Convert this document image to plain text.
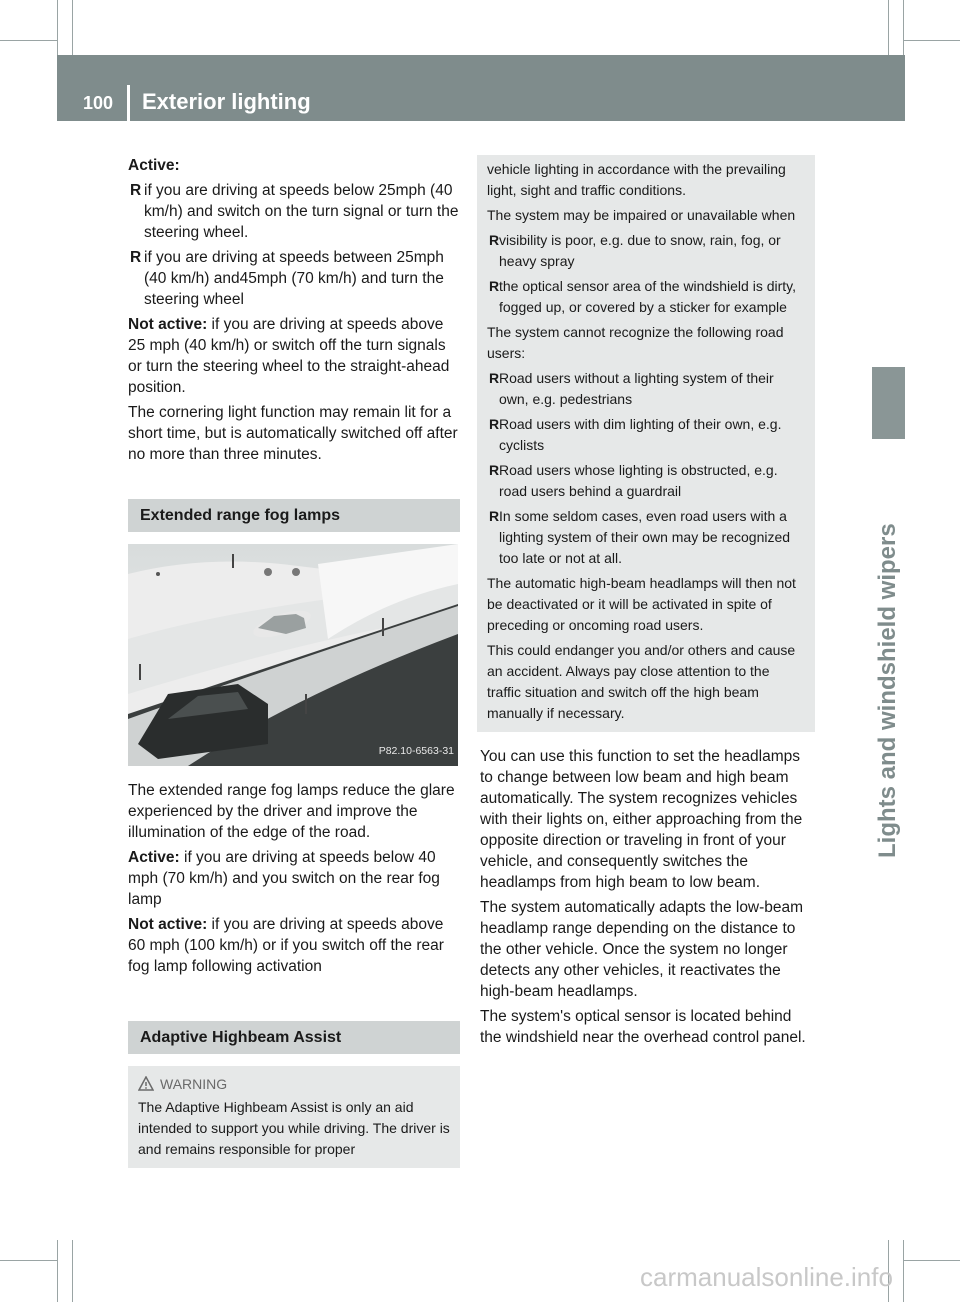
100 Exterior lighting
Lights and windshield wipers

Active:

R if you are driving at speeds below 25mph (40 km/h) and switch on the turn signal or turn the steering wheel.
R if you are driving at speeds between 25mph (40 km/h) and45mph (70 km/h) and turn the steering wheel

Not active: if you are driving at speeds above 25 mph (40 km/h) or switch off the turn signals or turn the steering wheel to the straight-ahead position.

The cornering light function may remain lit for a short time, but is automatically switched off after no more than three minutes.

Extended range fog lamps
P82.10-6563-31

The extended range fog lamps reduce the glare experienced by the driver and improve the illumination of the edge of the road.

Active: if you are driving at speeds below 40 mph (70 km/h) and you switch on the rear fog lamp

Not active: if you are driving at speeds above 60 mph (100 km/h) or if you switch off the rear fog lamp following activation

Adaptive Highbeam Assist
WARNING
The Adaptive Highbeam Assist is only an aid intended to support you while driving. The driver is and remains responsible for proper

vehicle lighting in accordance with the prevailing light, sight and traffic conditions.

The system may be impaired or unavailable when

R visibility is poor, e.g. due to snow, rain, fog, or heavy spray
R the optical sensor area of the windshield is dirty, fogged up, or covered by a sticker for example

The system cannot recognize the following road users:

R Road users without a lighting system of their own, e.g. pedestrians
R Road users with dim lighting of their own, e.g. cyclists
R Road users whose lighting is obstructed, e.g. road users behind a guardrail
R In some seldom cases, even road users with a lighting system of their own may be recognized too late or not at all.

The automatic high-beam headlamps will then not be deactivated or it will be activated in spite of preceding or oncoming road users.

This could endanger you and/or others and cause an accident. Always pay close attention to the traffic situation and switch off the high beam manually if necessary.

You can use this function to set the headlamps to change between low beam and high beam automatically. The system recognizes vehicles with their lights on, either approaching from the opposite direction or traveling in front of your vehicle, and consequently switches the headlamps from high beam to low beam.

The system automatically adapts the low-beam headlamp range depending on the distance to the other vehicle. Once the system no longer detects any other vehicles, it reactivates the high-beam headlamps.

The system's optical sensor is located behind the windshield near the overhead control panel.

carmanualsonline.info
